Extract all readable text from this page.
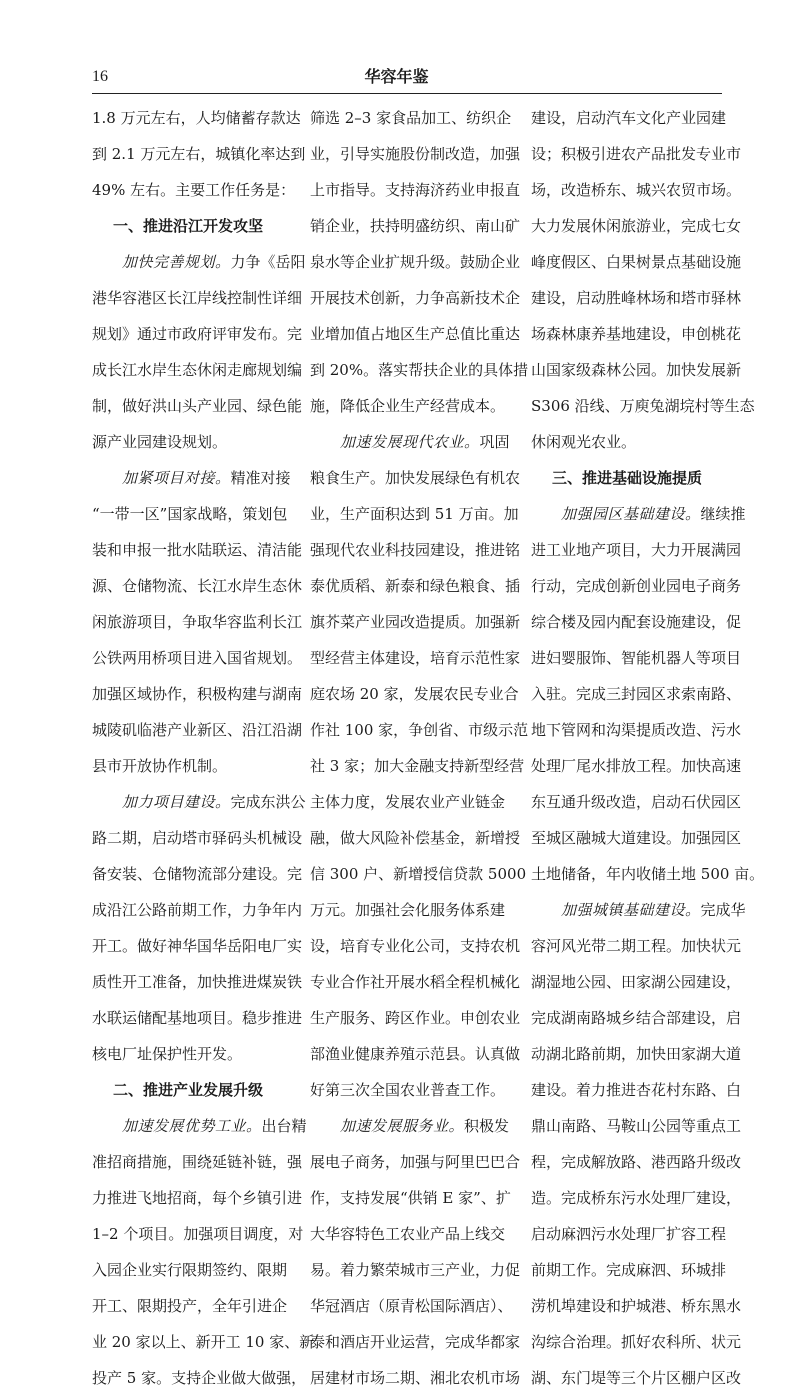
16	华容年鉴
1.8 万元左右，人均储蓄存款达
到 2.1 万元左右，城镇化率达到
49% 左右。主要工作任务是：
一、推进沿江开发攻坚
加快完善规划。力争《岳阳
港华容港区长江岸线控制性详细
规划》通过市政府评审发布。完
成长江水岸生态休闲走廊规划编
制，做好洪山头产业园、绿色能
源产业园建设规划。
加紧项目对接。精准对接
“一带一区”国家战略，策划包
装和申报一批水陆联运、清洁能
源、仓储物流、长江水岸生态休
闲旅游项目，争取华容监利长江
公铁两用桥项目进入国省规划。
加强区域协作，积极构建与湖南
城陵矶临港产业新区、沿江沿湖
县市开放协作机制。
加力项目建设。完成东洪公
路二期，启动塔市驿码头机械设
备安装、仓储物流部分建设。完
成沿江公路前期工作，力争年内
开工。做好神华国华岳阳电厂实
质性开工准备，加快推进煤炭铁
水联运储配基地项目。稳步推进
核电厂址保护性开发。
二、推进产业发展升级
加速发展优势工业。出台精
准招商措施，围绕延链补链，强
力推进飞地招商，每个乡镇引进
1–2 个项目。加强项目调度，对
入园企业实行限期签约、限期
开工、限期投产，全年引进企
业 20 家以上、新开工 10 家、新
投产 5 家。支持企业做大做强，
筛选 2–3 家食品加工、纺织企
业，引导实施股份制改造，加强
上市指导。支持海济药业申报直
销企业，扶持明盛纺织、南山矿
泉水等企业扩规升级。鼓励企业
开展技术创新，力争高新技术企
业增加值占地区生产总值比重达
到 20%。落实帮扶企业的具体措
施，降低企业生产经营成本。
加速发展现代农业。巩固
粮食生产。加快发展绿色有机农
业，生产面积达到 51 万亩。加
强现代农业科技园建设，推进铭
泰优质稻、新泰和绿色粮食、插
旗芥菜产业园改造提质。加强新
型经营主体建设，培育示范性家
庭农场 20 家，发展农民专业合
作社 100 家，争创省、市级示范
社 3 家；加大金融支持新型经营
主体力度，发展农业产业链金
融，做大风险补偿基金，新增授
信 300 户、新增授信贷款 5000
万元。加强社会化服务体系建
设，培育专业化公司，支持农机
专业合作社开展水稻全程机械化
生产服务、跨区作业。申创农业
部渔业健康养殖示范县。认真做
好第三次全国农业普查工作。
加速发展服务业。积极发
展电子商务，加强与阿里巴巴合
作，支持发展“供销 E 家”、扩
大华容特色工农业产品上线交
易。着力繁荣城市三产业，力促
华冠酒店（原青松国际酒店）、
泰和酒店开业运营，完成华都家
居建材市场二期、湘北农机市场
建设，启动汽车文化产业园建
设；积极引进农产品批发专业市
场，改造桥东、城兴农贸市场。
大力发展休闲旅游业，完成七女
峰度假区、白果树景点基础设施
建设，启动胜峰林场和塔市驿林
场森林康养基地建设，申创桃花
山国家级森林公园。加快发展新
S306 沿线、万庾兔湖垸村等生态
休闲观光农业。
三、推进基础设施提质
加强园区基础建设。继续推
进工业地产项目，大力开展满园
行动，完成创新创业园电子商务
综合楼及园内配套设施建设，促
进妇婴服饰、智能机器人等项目
入驻。完成三封园区求索南路、
地下管网和沟渠提质改造、污水
处理厂尾水排放工程。加快高速
东互通升级改造，启动石伏园区
至城区融城大道建设。加强园区
土地储备，年内收储土地 500 亩。
加强城镇基础建设。完成华
容河风光带二期工程。加快状元
湖湿地公园、田家湖公园建设，
完成湖南路城乡结合部建设，启
动湖北路前期，加快田家湖大道
建设。着力推进杏花村东路、白
鼎山南路、马鞍山公园等重点工
程，完成解放路、港西路升级改
造。完成桥东污水处理厂建设，
启动麻泗污水处理厂扩容工程
前期工作。完成麻泗、环城排
涝机埠建设和护城港、桥东黑水
沟综合治理。抓好农科所、状元
湖、东门堤等三个片区棚户区改
